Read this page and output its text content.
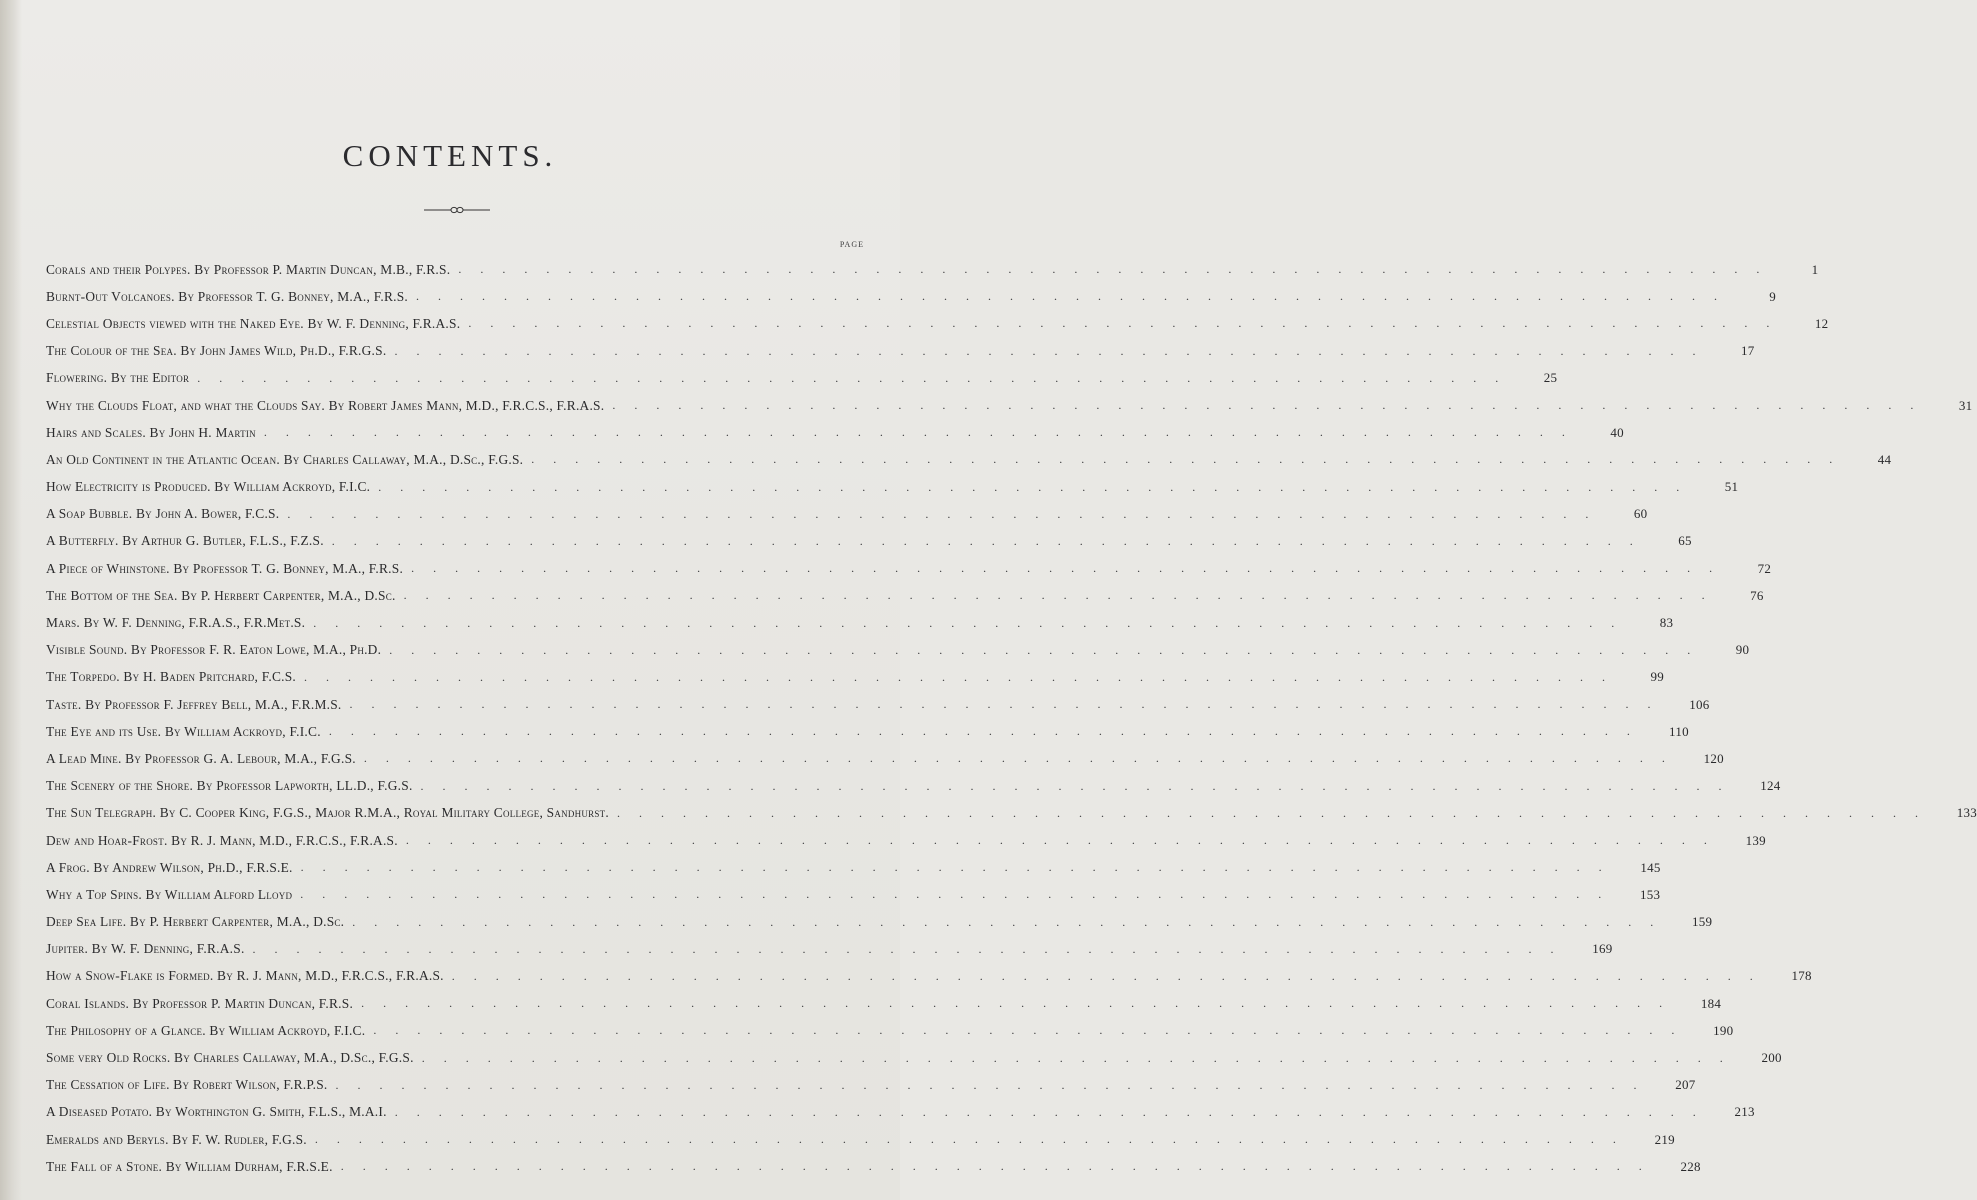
CONTENTS.
PAGE
Corals and their Polypes. By Professor P. Martin Duncan, M.B., F.R.S. ............................................................	1
Burnt-Out Volcanoes. By Professor T. G. Bonney, M.A., F.R.S. ............................................................	9
Celestial Objects viewed with the Naked Eye. By W. F. Denning, F.R.A.S. ............................................................	12
The Colour of the Sea. By John James Wild, Ph.D., F.R.G.S. ............................................................	17
Flowering. By the Editor ............................................................	25
Why the Clouds Float, and what the Clouds Say. By Robert James Mann, M.D., F.R.C.S., F.R.A.S. ............................................................	31
Hairs and Scales. By John H. Martin ............................................................	40
An Old Continent in the Atlantic Ocean. By Charles Callaway, M.A., D.Sc., F.G.S. ............................................................	44
How Electricity is Produced. By William Ackroyd, F.I.C. ............................................................	51
A Soap Bubble. By John A. Bower, F.C.S. ............................................................	60
A Butterfly. By Arthur G. Butler, F.L.S., F.Z.S. ............................................................	65
A Piece of Whinstone. By Professor T. G. Bonney, M.A., F.R.S. ............................................................	72
The Bottom of the Sea. By P. Herbert Carpenter, M.A., D.Sc. ............................................................	76
Mars. By W. F. Denning, F.R.A.S., F.R.Met.S. ............................................................	83
Visible Sound. By Professor F. R. Eaton Lowe, M.A., Ph.D. ............................................................	90
The Torpedo. By H. Baden Pritchard, F.C.S. ............................................................	99
Taste. By Professor F. Jeffrey Bell, M.A., F.R.M.S. ............................................................	106
The Eye and its Use. By William Ackroyd, F.I.C. ............................................................	110
A Lead Mine. By Professor G. A. Lebour, M.A., F.G.S. ............................................................	120
The Scenery of the Shore. By Professor Lapworth, LL.D., F.G.S. ............................................................	124
The Sun Telegraph. By C. Cooper King, F.G.S., Major R.M.A., Royal Military College, Sandhurst. ............................................................	133
Dew and Hoar-Frost. By R. J. Mann, M.D., F.R.C.S., F.R.A.S. ............................................................	139
A Frog. By Andrew Wilson, Ph.D., F.R.S.E. ............................................................	145
Why a Top Spins. By William Alford Lloyd ............................................................	153
Deep Sea Life. By P. Herbert Carpenter, M.A., D.Sc. ............................................................	159
Jupiter. By W. F. Denning, F.R.A.S. ............................................................	169
How a Snow-Flake is Formed. By R. J. Mann, M.D., F.R.C.S., F.R.A.S. ............................................................	178
Coral Islands. By Professor P. Martin Duncan, F.R.S. ............................................................	184
The Philosophy of a Glance. By William Ackroyd, F.I.C. ............................................................	190
Some very Old Rocks. By Charles Callaway, M.A., D.Sc., F.G.S. ............................................................	200
The Cessation of Life. By Robert Wilson, F.R.P.S. ............................................................	207
A Diseased Potato. By Worthington G. Smith, F.L.S., M.A.I. ............................................................	213
Emeralds and Beryls. By F. W. Rudler, F.G.S. ............................................................	219
The Fall of a Stone. By William Durham, F.R.S.E. ............................................................	228
